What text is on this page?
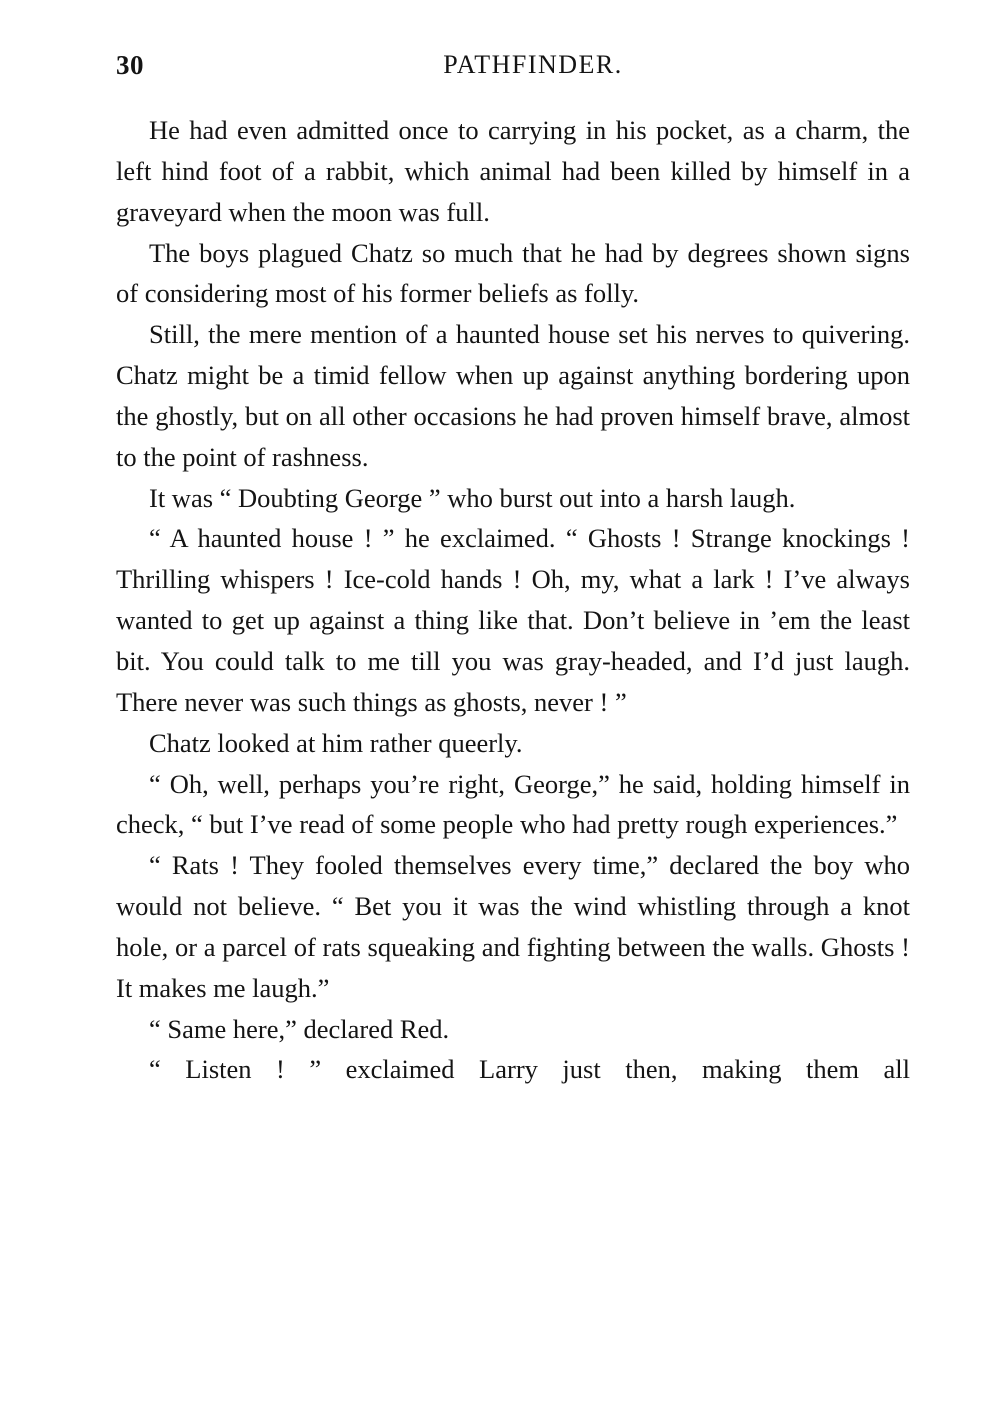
30	PATHFINDER.

He had even admitted once to carrying in his pocket, as a charm, the left hind foot of a rabbit, which animal had been killed by himself in a graveyard when the moon was full.

The boys plagued Chatz so much that he had by degrees shown signs of considering most of his former beliefs as folly.

Still, the mere mention of a haunted house set his nerves to quivering. Chatz might be a timid fellow when up against anything bordering upon the ghostly, but on all other occasions he had proven himself brave, almost to the point of rashness.

It was “ Doubting George ” who burst out into a harsh laugh.

“ A haunted house ! ” he exclaimed. “ Ghosts ! Strange knockings ! Thrilling whispers ! Ice-cold hands ! Oh, my, what a lark ! I’ve always wanted to get up against a thing like that. Don’t believe in ’em the least bit. You could talk to me till you was gray-headed, and I’d just laugh. There never was such things as ghosts, never ! ”

Chatz looked at him rather queerly.

“ Oh, well, perhaps you’re right, George,” he said, holding himself in check, “ but I’ve read of some people who had pretty rough experiences.”

“ Rats ! They fooled themselves every time,” declared the boy who would not believe. “ Bet you it was the wind whistling through a knot hole, or a parcel of rats squeaking and fighting between the walls. Ghosts ! It makes me laugh.”

“ Same here,” declared Red.

“ Listen ! ” exclaimed Larry just then, making them all
